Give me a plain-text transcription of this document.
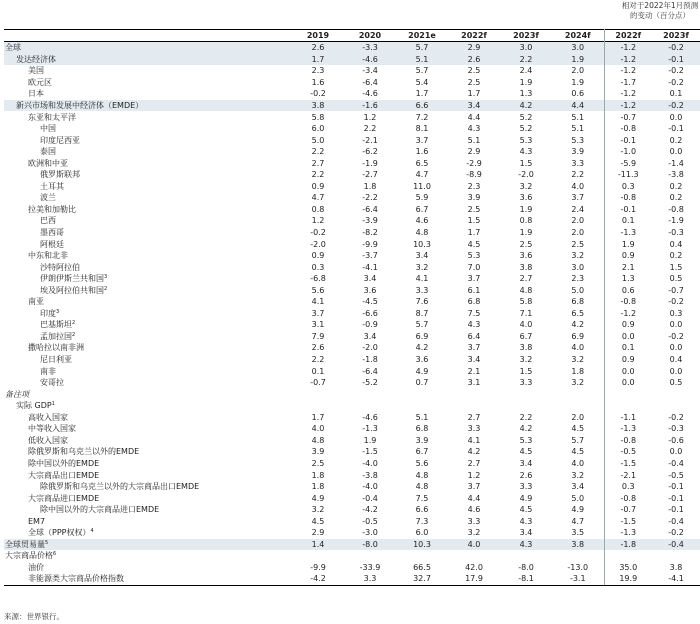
相对于2022年1月预测的变动（百分点）
	2019	2020	2021e	2022f	2023f	2024f	2022f	2023f
全球	2.6	-3.3	5.7	2.9	3.0	3.0	-1.2	-0.2
发达经济体	1.7	-4.6	5.1	2.6	2.2	1.9	-1.2	-0.1
美国	2.3	-3.4	5.7	2.5	2.4	2.0	-1.2	-0.2
欧元区	1.6	-6.4	5.4	2.5	1.9	1.9	-1.7	-0.2
日本	-0.2	-4.6	1.7	1.7	1.3	0.6	-1.2	0.1
新兴市场和发展中经济体（EMDE）	3.8	-1.6	6.6	3.4	4.2	4.4	-1.2	-0.2
东亚和太平洋	5.8	1.2	7.2	4.4	5.2	5.1	-0.7	0.0
中国	6.0	2.2	8.1	4.3	5.2	5.1	-0.8	-0.1
印度尼西亚	5.0	-2.1	3.7	5.1	5.3	5.3	-0.1	0.2
泰国	2.2	-6.2	1.6	2.9	4.3	3.9	-1.0	0.0
欧洲和中亚	2.7	-1.9	6.5	-2.9	1.5	3.3	-5.9	-1.4
俄罗斯联邦	2.2	-2.7	4.7	-8.9	-2.0	2.2	-11.3	-3.8
土耳其	0.9	1.8	11.0	2.3	3.2	4.0	0.3	0.2
波兰	4.7	-2.2	5.9	3.9	3.6	3.7	-0.8	0.2
拉美和加勒比	0.8	-6.4	6.7	2.5	1.9	2.4	-0.1	-0.8
巴西	1.2	-3.9	4.6	1.5	0.8	2.0	0.1	-1.9
墨西哥	-0.2	-8.2	4.8	1.7	1.9	2.0	-1.3	-0.3
阿根廷	-2.0	-9.9	10.3	4.5	2.5	2.5	1.9	0.4
中东和北非	0.9	-3.7	3.4	5.3	3.6	3.2	0.9	0.2
沙特阿拉伯	0.3	-4.1	3.2	7.0	3.8	3.0	2.1	1.5
伊朗伊斯兰共和国$^3$	-6.8	3.4	4.1	3.7	2.7	2.3	1.3	0.5
埃及阿拉伯共和国$^2$	5.6	3.6	3.3	6.1	4.8	5.0	0.6	-0.7
南亚	4.1	-4.5	7.6	6.8	5.8	6.8	-0.8	-0.2
印度$^3$	3.7	-6.6	8.7	7.5	7.1	6.5	-1.2	0.3
巴基斯坦$^2$	3.1	-0.9	5.7	4.3	4.0	4.2	0.9	0.0
孟加拉国$^2$	7.9	3.4	6.9	6.4	6.7	6.9	0.0	-0.2
撒哈拉以南非洲	2.6	-2.0	4.2	3.7	3.8	4.0	0.1	0.0
尼日利亚	2.2	-1.8	3.6	3.4	3.2	3.2	0.9	0.4
南非	0.1	-6.4	4.9	2.1	1.5	1.8	0.0	0.0
安哥拉	-0.7	-5.2	0.7	3.1	3.3	3.2	0.0	0.5
备注项								
实际 GDP$^1$								
高收入国家	1.7	-4.6	5.1	2.7	2.2	2.0	-1.1	-0.2
中等收入国家	4.0	-1.3	6.8	3.3	4.2	4.5	-1.3	-0.3
低收入国家	4.8	1.9	3.9	4.1	5.3	5.7	-0.8	-0.6
除俄罗斯和乌克兰以外的EMDE	3.9	-1.5	6.7	4.2	4.5	4.5	-0.5	0.0
除中国以外的EMDE	2.5	-4.0	5.6	2.7	3.4	4.0	-1.5	-0.4
大宗商品出口EMDE	1.8	-3.8	4.8	1.2	2.6	3.2	-2.1	-0.5
除俄罗斯和乌克兰以外的大宗商品出口EMDE	1.8	-4.0	4.8	3.7	3.3	3.4	0.3	-0.1
大宗商品进口EMDE	4.9	-0.4	7.5	4.4	4.9	5.0	-0.8	-0.1
除中国以外的大宗商品进口EMDE	3.2	-4.2	6.6	4.6	4.5	4.9	-0.7	-0.1
EM7	4.5	-0.5	7.3	3.3	4.3	4.7	-1.5	-0.4
全球（PPP权权）$^4$	2.9	-3.0	6.0	3.2	3.4	3.5	-1.3	-0.2
全球贸易量$^5$	1.4	-8.0	10.3	4.0	4.3	3.8	-1.8	-0.4
大宗商品价格$^6$								
油价	-9.9	-33.9	66.5	42.0	-8.0	-13.0	35.0	3.8
非能源类大宗商品价格指数	-4.2	3.3	32.7	17.9	-8.1	-3.1	19.9	-4.1
来源：世界银行。
